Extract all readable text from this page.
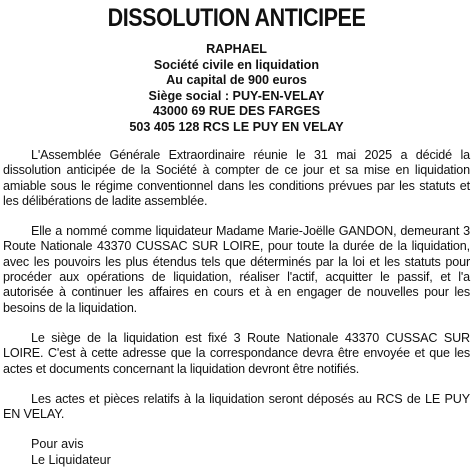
DISSOLUTION ANTICIPEE
RAPHAEL
Société civile en liquidation
Au capital de 900 euros
Siège social : PUY-EN-VELAY
43000 69 RUE DES FARGES
503 405 128 RCS LE PUY EN VELAY

L'Assemblée Générale Extraordinaire réunie le 31 mai 2025 a décidé la dissolution anticipée de la Société à compter de ce jour et sa mise en liquidation amiable sous le régime conventionnel dans les conditions prévues par les statuts et les délibérations de ladite assemblée.

Elle a nommé comme liquidateur Madame Marie-Joëlle GANDON, demeurant 3 Route Nationale 43370 CUSSAC SUR LOIRE, pour toute la durée de la liquidation, avec les pouvoirs les plus étendus tels que déterminés par la loi et les statuts pour procéder aux opérations de liquidation, réaliser l'actif, acquitter le passif, et l'a autorisée à continuer les affaires en cours et à en engager de nouvelles pour les besoins de la liquidation.

Le siège de la liquidation est fixé 3 Route Nationale 43370 CUSSAC SUR LOIRE. C'est à cette adresse que la correspondance devra être envoyée et que les actes et documents concernant la liquidation devront être notifiés.

Les actes et pièces relatifs à la liquidation seront déposés au RCS de LE PUY EN VELAY.

Pour avis
Le Liquidateur
